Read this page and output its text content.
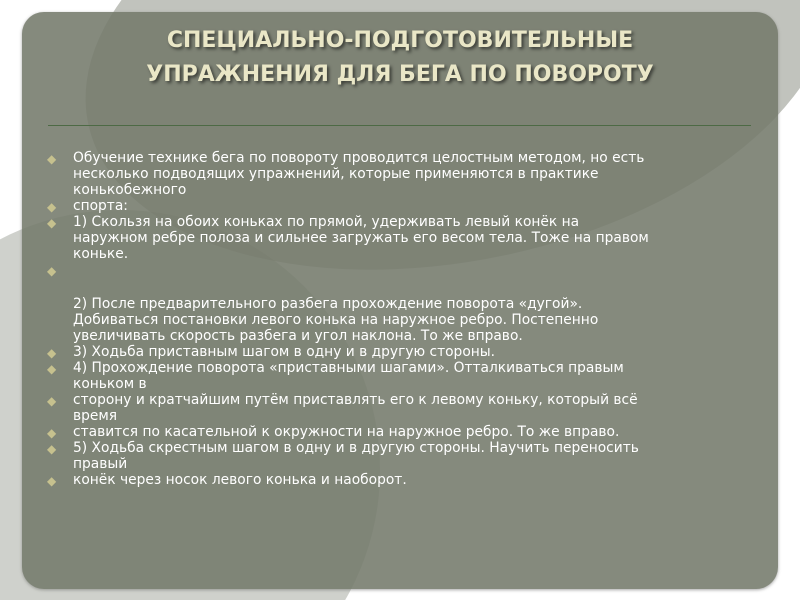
СПЕЦИАЛЬНО-ПОДГОТОВИТЕЛЬНЫЕ
УПРАЖНЕНИЯ ДЛЯ БЕГА ПО ПОВОРОТУ
◆ Обучение технике бега по повороту проводится целостным методом, но есть
несколько подводящих упражнений, которые применяются в практике
конькобежного
◆ спорта:
◆ 1) Скользя на обоих коньках по прямой, удерживать левый конёк на
наружном ребре полоза и сильнее загружать его весом тела. Тоже на правом
коньке.
◆
2) После предварительного разбега прохождение поворота «дугой».
Добиваться постановки левого конька на наружное ребро. Постепенно
увеличивать скорость разбега и угол наклона. То же вправо.
◆ 3) Ходьба приставным шагом в одну и в другую стороны.
◆ 4) Прохождение поворота «приставными шагами». Отталкиваться правым
коньком в
◆ сторону и кратчайшим путём приставлять его к левому коньку, который всё
время
◆ ставится по касательной к окружности на наружное ребро. То же вправо.
◆ 5) Ходьба скрестным шагом в одну и в другую стороны. Научить переносить
правый
◆ конёк через носок левого конька и наоборот.
